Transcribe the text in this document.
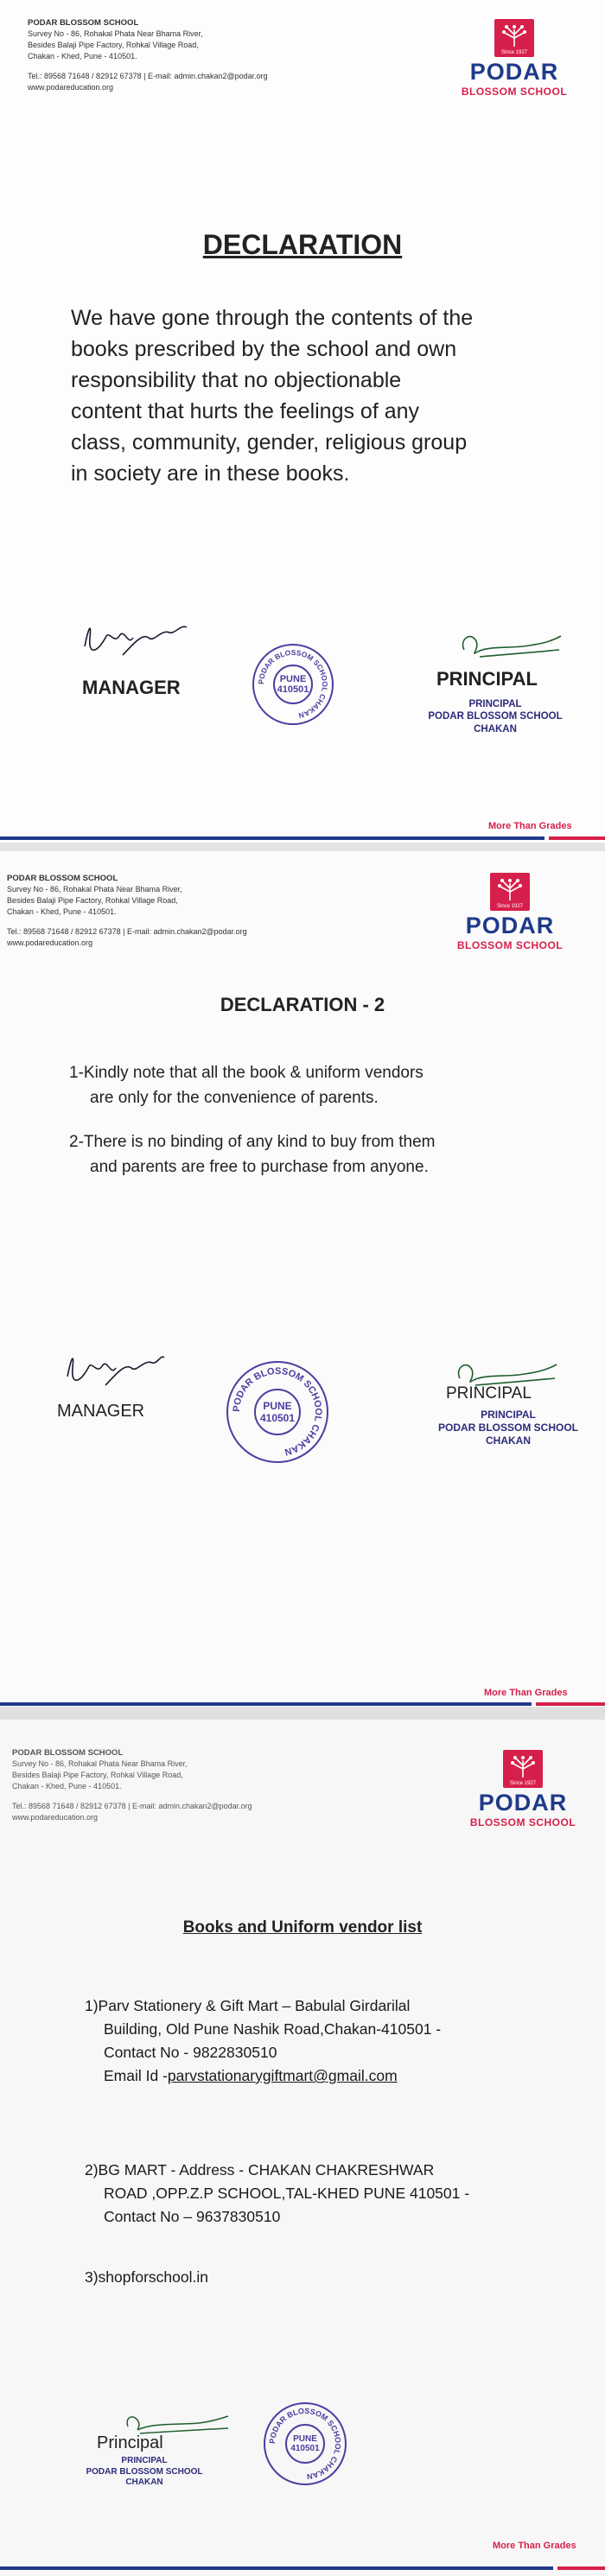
PODAR BLOSSOM SCHOOL
Survey No - 86, Rohakal Phata Near Bhama River,
Besides Balaji Pipe Factory, Rohkal Village Road,
Chakan - Khed, Pune - 410501.
Tel.: 89568 71648 / 82912 67378 | E-mail: admin.chakan2@podar.org
www.podareducation.org
Since 1927
PODAR
BLOSSOM SCHOOL
DECLARATION
We have gone through the contents of the
books prescribed by the school and own
responsibility that no objectionable
content that hurts the feelings of any
class, community, gender, religious group
in society are in these books.
MANAGER	PODAR BLOSSOM SCHOOL CHAKAN
PUNE
410501	PRINCIPAL
PRINCIPAL
PODAR BLOSSOM SCHOOL
CHAKAN
More Than Grades
PODAR BLOSSOM SCHOOL
Survey No - 86, Rohakal Phata Near Bhama River,
Besides Balaji Pipe Factory, Rohkal Village Road,
Chakan - Khed, Pune - 410501.
Tel.: 89568 71648 / 82912 67378 | E-mail: admin.chakan2@podar.org
www.podareducation.org
Since 1927
PODAR
BLOSSOM SCHOOL
DECLARATION - 2
1-Kindly note that all the book & uniform vendors
are only for the convenience of parents.
2-There is no binding of any kind to buy from them
and parents are free to purchase from anyone.
MANAGER	PODAR BLOSSOM SCHOOL CHAKAN
PUNE
410501
PRINCIPAL
PRINCIPAL
PODAR BLOSSOM SCHOOL
CHAKAN
More Than Grades
PODAR BLOSSOM SCHOOL
Survey No - 86, Rohakal Phata Near Bhama River,
Besides Balaji Pipe Factory, Rohkal Village Road,
Chakan - Khed, Pune - 410501.
Tel.: 89568 71648 / 82912 67378 | E-mail: admin.chakan2@podar.org
www.podareducation.org
Since 1927
PODAR
BLOSSOM SCHOOL
Books and Uniform vendor list
1)Parv Stationery & Gift Mart – Babulal Girdarilal
Building, Old Pune Nashik Road,Chakan-410501 -
Contact No - 9822830510
Email Id -parvstationarygiftmart@gmail.com
2)BG MART - Address - CHAKAN CHAKRESHWAR
ROAD ,OPP.Z.P SCHOOL,TAL-KHED PUNE 410501 -
Contact No – 9637830510
3)shopforschool.in
Principal
PRINCIPAL
PODAR BLOSSOM SCHOOL
CHAKAN
PODAR BLOSSOM SCHOOL CHAKAN
PUNE
410501
More Than Grades
